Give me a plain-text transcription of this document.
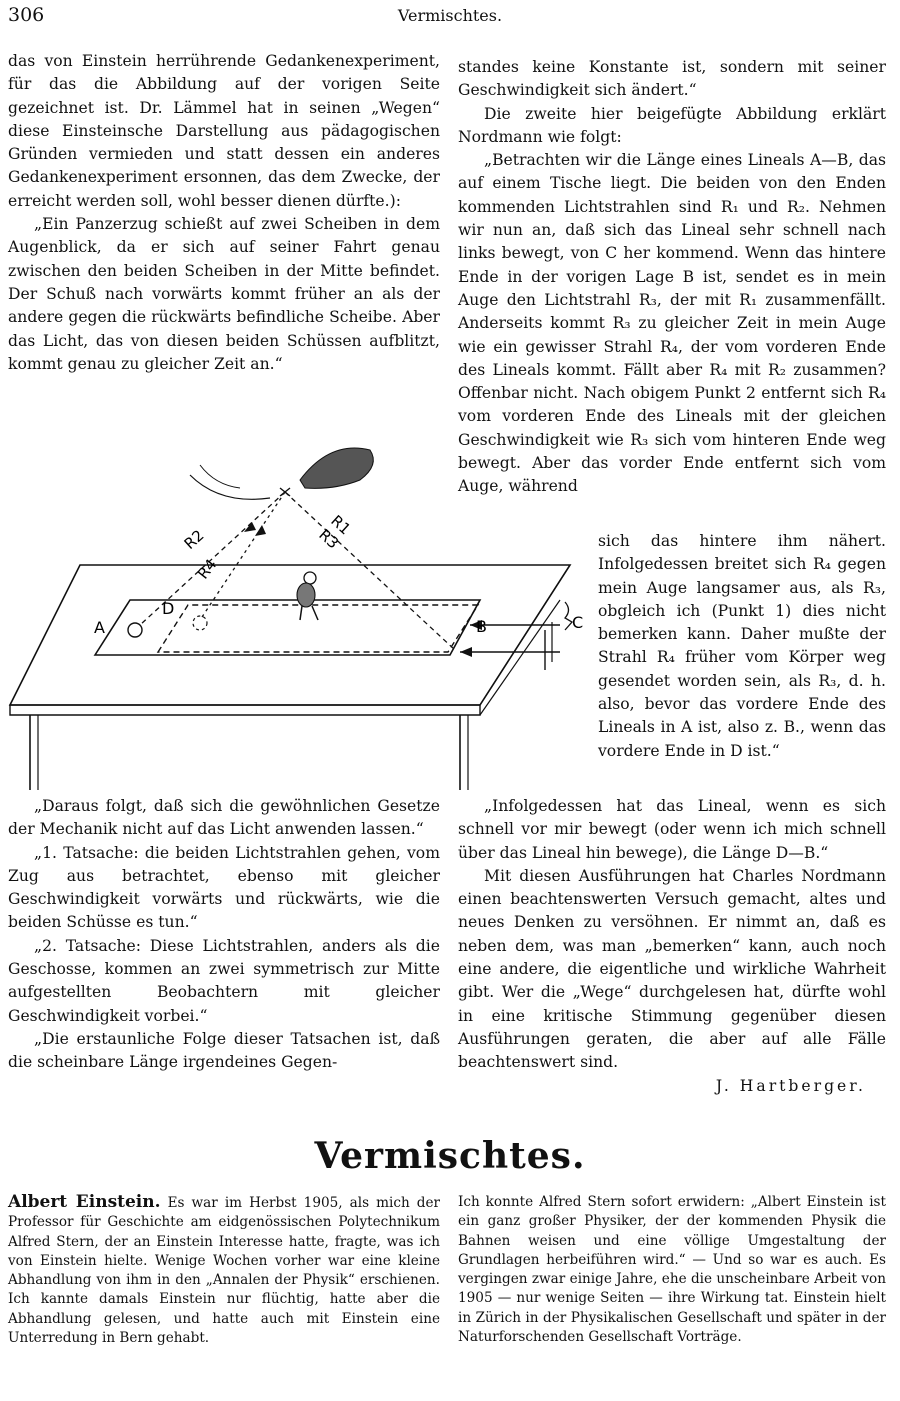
306	Vermischtes.

das von Einstein herrührende Gedankenexperiment, für das die Abbildung auf der vorigen Seite gezeichnet ist. Dr. Lämmel hat in seinen „Wegen“ diese Einsteinsche Darstellung aus pädagogischen Gründen vermieden und statt dessen ein anderes Gedankenexperiment ersonnen, das dem Zwecke, der erreicht werden soll, wohl besser dienen dürfte.):

„Ein Panzerzug schießt auf zwei Scheiben in dem Augenblick, da er sich auf seiner Fahrt genau zwischen den beiden Scheiben in der Mitte befindet. Der Schuß nach vorwärts kommt früher an als der andere gegen die rückwärts befindliche Scheibe. Aber das Licht, das von diesen beiden Schüssen aufblitzt, kommt genau zu gleicher Zeit an.“

standes keine Konstante ist, sondern mit seiner Geschwindigkeit sich ändert.“

Die zweite hier beigefügte Abbildung erklärt Nordmann wie folgt:

„Betrachten wir die Länge eines Lineals A—B, das auf einem Tische liegt. Die beiden von den Enden kommenden Lichtstrahlen sind R₁ und R₂. Nehmen wir nun an, daß sich das Lineal sehr schnell nach links bewegt, von C her kommend. Wenn das hintere Ende in der vorigen Lage B ist, sendet es in mein Auge den Lichtstrahl R₃, der mit R₁ zusammenfällt. Anderseits kommt R₃ zu gleicher Zeit in mein Auge wie ein gewisser Strahl R₄, der vom vorderen Ende des Lineals kommt. Fällt aber R₄ mit R₂ zusammen? Offenbar nicht. Nach obigem Punkt 2 entfernt sich R₄ vom vorderen Ende des Lineals mit der gleichen Geschwindigkeit wie R₃ sich vom hinteren Ende weg bewegt. Aber das vorder Ende entfernt sich vom Auge, während

A	B	C
D
R1
R3
R2
R4

sich das hintere ihm nähert. Infolgedessen breitet sich R₄ gegen mein Auge langsamer aus, als R₃, obgleich ich (Punkt 1) dies nicht bemerken kann. Daher mußte der Strahl R₄ früher vom Körper weg gesendet worden sein, als R₃, d. h. also, bevor das vordere Ende des Lineals in A ist, also z. B., wenn das vordere Ende in D ist.“

„Daraus folgt, daß sich die gewöhnlichen Gesetze der Mechanik nicht auf das Licht anwenden lassen.“

„1. Tatsache: die beiden Lichtstrahlen gehen, vom Zug aus betrachtet, ebenso mit gleicher Geschwindigkeit vorwärts und rückwärts, wie die beiden Schüsse es tun.“

„2. Tatsache: Diese Lichtstrahlen, anders als die Geschosse, kommen an zwei symmetrisch zur Mitte aufgestellten Beobachtern mit gleicher Geschwindigkeit vorbei.“

„Die erstaunliche Folge dieser Tatsachen ist, daß die scheinbare Länge irgendeines Gegen-

„Infolgedessen hat das Lineal, wenn es sich schnell vor mir bewegt (oder wenn ich mich schnell über das Lineal hin bewege), die Länge D—B.“

Mit diesen Ausführungen hat Charles Nordmann einen beachtenswerten Versuch gemacht, altes und neues Denken zu versöhnen. Er nimmt an, daß es neben dem, was man „bemerken“ kann, auch noch eine andere, die eigentliche und wirkliche Wahrheit gibt. Wer die „Wege“ durchgelesen hat, dürfte wohl in eine kritische Stimmung gegenüber diesen Ausführungen geraten, die aber auf alle Fälle beachtenswert sind.

J. Hartberger.

Vermischtes.

Albert Einstein. Es war im Herbst 1905, als mich der Professor für Geschichte am eidgenössischen Polytechnikum Alfred Stern, der an Einstein Interesse hatte, fragte, was ich von Einstein hielte. Wenige Wochen vorher war eine kleine Abhandlung von ihm in den „Annalen der Physik“ erschienen. Ich kannte damals Einstein nur flüchtig, hatte aber die Abhandlung gelesen, und hatte auch mit Einstein eine Unterredung in Bern gehabt.

Ich konnte Alfred Stern sofort erwidern: „Albert Einstein ist ein ganz großer Physiker, der der kommenden Physik die Bahnen weisen und eine völlige Umgestaltung der Grundlagen herbeiführen wird.“ — Und so war es auch. Es vergingen zwar einige Jahre, ehe die unscheinbare Arbeit von 1905 — nur wenige Seiten — ihre Wirkung tat. Einstein hielt in Zürich in der Physikalischen Gesellschaft und später in der Naturforschenden Gesellschaft Vorträge.
